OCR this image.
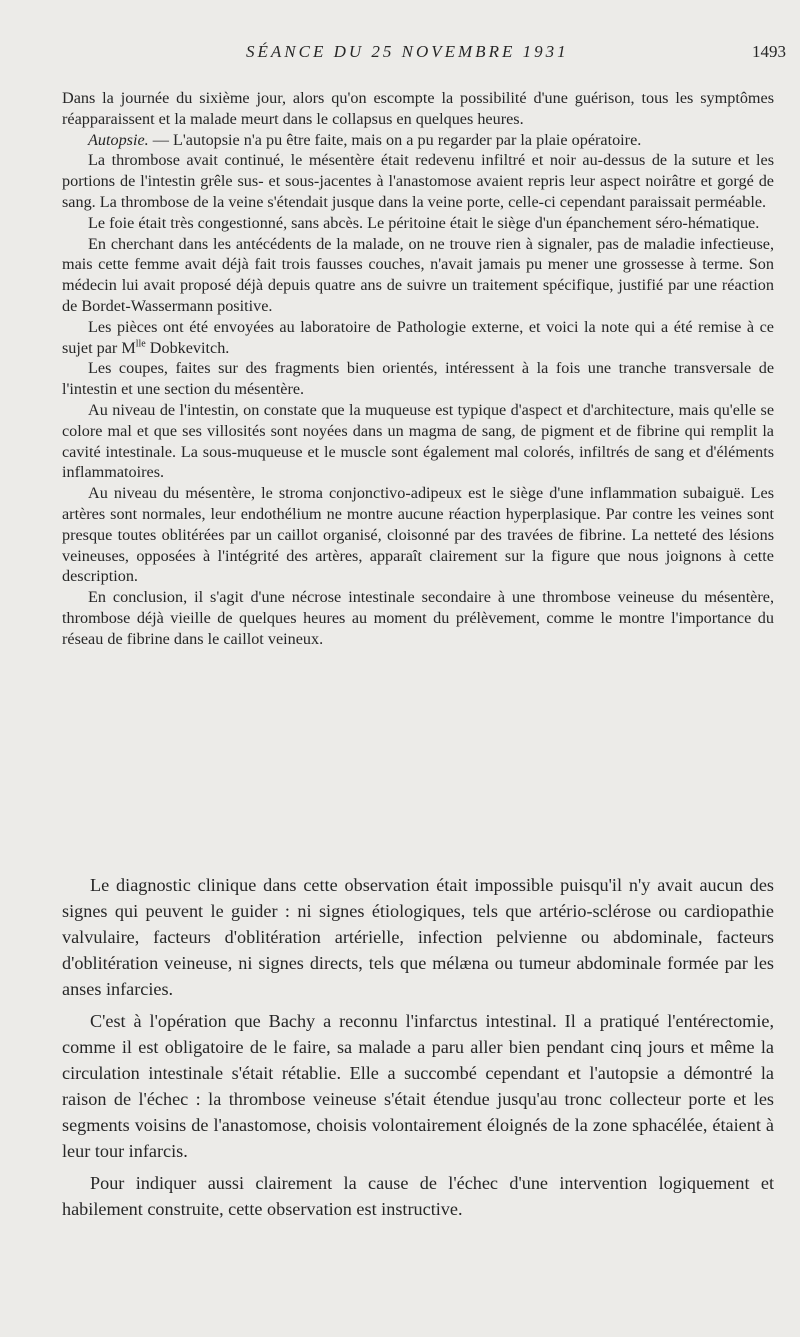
SÉANCE DU 25 NOVEMBRE 1931	1493

Dans la journée du sixième jour, alors qu'on escompte la possibilité d'une guérison, tous les symptômes réapparaissent et la malade meurt dans le collapsus en quelques heures.

Autopsie. — L'autopsie n'a pu être faite, mais on a pu regarder par la plaie opératoire.

La thrombose avait continué, le mésentère était redevenu infiltré et noir au-dessus de la suture et les portions de l'intestin grêle sus- et sous-jacentes à l'anastomose avaient repris leur aspect noirâtre et gorgé de sang. La thrombose de la veine s'étendait jusque dans la veine porte, celle-ci cependant paraissait perméable.

Le foie était très congestionné, sans abcès. Le péritoine était le siège d'un épanchement séro-hématique.

En cherchant dans les antécédents de la malade, on ne trouve rien à signaler, pas de maladie infectieuse, mais cette femme avait déjà fait trois fausses couches, n'avait jamais pu mener une grossesse à terme. Son médecin lui avait proposé déjà depuis quatre ans de suivre un traitement spécifique, justifié par une réaction de Bordet-Wassermann positive.

Les pièces ont été envoyées au laboratoire de Pathologie externe, et voici la note qui a été remise à ce sujet par $M^{lle}$ Dobkevitch.

Les coupes, faites sur des fragments bien orientés, intéressent à la fois une tranche transversale de l'intestin et une section du mésentère.

Au niveau de l'intestin, on constate que la muqueuse est typique d'aspect et d'architecture, mais qu'elle se colore mal et que ses villosités sont noyées dans un magma de sang, de pigment et de fibrine qui remplit la cavité intestinale. La sous-muqueuse et le muscle sont également mal colorés, infiltrés de sang et d'éléments inflammatoires.

Au niveau du mésentère, le stroma conjonctivo-adipeux est le siège d'une inflammation subaiguë. Les artères sont normales, leur endothélium ne montre aucune réaction hyperplasique. Par contre les veines sont presque toutes oblitérées par un caillot organisé, cloisonné par des travées de fibrine. La netteté des lésions veineuses, opposées à l'intégrité des artères, apparaît clairement sur la figure que nous joignons à cette description.

En conclusion, il s'agit d'une nécrose intestinale secondaire à une thrombose veineuse du mésentère, thrombose déjà vieille de quelques heures au moment du prélèvement, comme le montre l'importance du réseau de fibrine dans le caillot veineux.

Le diagnostic clinique dans cette observation était impossible puisqu'il n'y avait aucun des signes qui peuvent le guider : ni signes étiologiques, tels que artério-sclérose ou cardiopathie valvulaire, facteurs d'oblitération artérielle, infection pelvienne ou abdominale, facteurs d'oblitération veineuse, ni signes directs, tels que mélæna ou tumeur abdominale formée par les anses infarcies.

C'est à l'opération que Bachy a reconnu l'infarctus intestinal. Il a pratiqué l'entérectomie, comme il est obligatoire de le faire, sa malade a paru aller bien pendant cinq jours et même la circulation intestinale s'était rétablie. Elle a succombé cependant et l'autopsie a démontré la raison de l'échec : la thrombose veineuse s'était étendue jusqu'au tronc collecteur porte et les segments voisins de l'anastomose, choisis volontairement éloignés de la zone sphacélée, étaient à leur tour infarcis.

Pour indiquer aussi clairement la cause de l'échec d'une intervention logiquement et habilement construite, cette observation est instructive.
